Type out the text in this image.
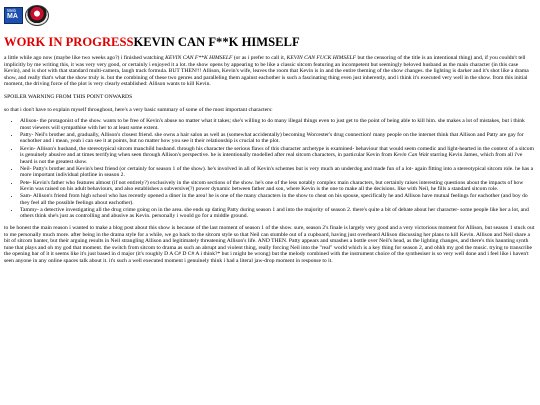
Web
MA
WORK IN PROGRESSKEVIN CAN F**K HIMSELF

a little while ago now (maybe like two weeks ago?) i finished watching KEVIN CAN F**K HIMSELF (or as i prefer to call it, KEVIN CAN FUCK HIMSELF but the censoring of the title is an intentional thing) and, if you couldn't tell implicitly by me writing this, it was very very good, or certainly i enjoyed it a lot. the show opens by appearing to be like a classic sitcom featuring an incompetent but seemingly beloved husband as the main character (in this case Kevin), and is shot with that standard multi-camera, laugh track formula. BUT THEN!!! Allison, Kevin's wife, leaves the room that Kevin is in and the entire theming of the show changes. the lighting is darker and it's shot like a drama show, and really that's what the show truly is. but the combining of these two genres and paralleling them against eachother is such a fascinating thing even just inherently, and i think it's executed very well in the show. from this initial moment, the driving force of the plot is very clearly established: Allison wants to kill Kevin.

SPOILER WARNING FROM THIS POINT ONWARDS

so that i don't have to explain myself throughout, here's a very basic summary of some of the most important characters:

• Allison- the protagonist of the show. wants to be free of Kevin's abuse no matter what it takes; she's willing to do many illegal things even to just get to the point of being able to kill him. she makes a lot of mistakes, but i think most viewers will sympathise with her to at least some extent.
• Patty- Neil's brother and, gradually, Allison's closest friend. she owns a hair salon as well as (somewhat accidentally) becoming Worcester's drug connection! many people on the internet think that Allison and Patty are gay for eachother and i mean, yeah i can see it at points, but no matter how you see it their relationship is crucial to the plot.
• Kevin- Allison's husband, the stereotypical sitcom manchild husband. through his character the serious flaws of this character archetype is examined- behaviour that would seem comedic and light-hearted in the context of a sitcom is genuinely abusive and at times terrifying when seen through Allison's perspective. he is intentionally modelled after real sitcom characters, in particular Kevin from Kevin Can Wait starring Kevin James, which from all i've heard is not the greatest show.
• Neil- Patty's brother and Kevin's best friend (or certainly for season 1 of the show). he's involved in all of Kevin's schemes but is very much an underdog and made fun of a lot- again fitting into a stereotypical sitcom role. he has a more important individual plotline in season 2.
• Pete- Kevin's father who features almost (if not entirely?) exclusively in the sitcom sections of the show. he's one of the less notably complex main characters, but certainly raises interesting questions about the impacts of how Kevin was raised on his adult behaviours, and also establishes a subversive(?) power dynamic between father and son, where Kevin is the one to make all the decisions. like with Neil, he fills a standard sitcom role.
• Sam- Allison's friend from high school who has recently opened a diner in the area! he is one of the many characters in the show to cheat on his spouse, specifically he and Allison have mutual feelings for eachother (and boy do they feel all the possible feelings about eachother).
• Tammy- a detective investigating all the drug crime going on in the area. she ends up dating Patty during season 1 and into the majority of season 2. there's quite a bit of debate about her character- some people like her a lot, and others think she's just as controlling and abusive as Kevin. personally i would go for a middle ground.

to be honest the main reason i wanted to make a blog post about this show is because of the last moment of season 1 of the show. sure, season 2's finale is largely very good and a very victorious moment for Allison, but season 1 stuck out to me personally much more. after being in the drama style for a while, we go back to the sitcom style so that Neil can stumble out of a cupboard, having just overheard Allison discussing her plans to kill Kevin. Allison and Neil share a bit of sitcom banter, but their arguing results in Neil strangling Allison and legitimately threatening Allison's life. AND THEN. Patty appears and smashes a bottle over Neil's head, as the lighting changes, and there's this haunting synth tune that plays and oh my god that moment. the switch from sitcom to drama as such an abrupt and violent thing, really forcing Neil into the "real" world which is a key thing for season 2, and ohhh my god the music. trying to transcribe the opening bar of it it seems like it's just based in d major (it's roughly D A C# D C# A i think?* but i might be wrong) but the melody combined with the instrument choice of the synthesiser is so very well done and i feel like i haven't seen anyone in any online spaces talk about it. it's such a well executed moment i genuinely think i had a literal jaw-drop moment in response to it.
